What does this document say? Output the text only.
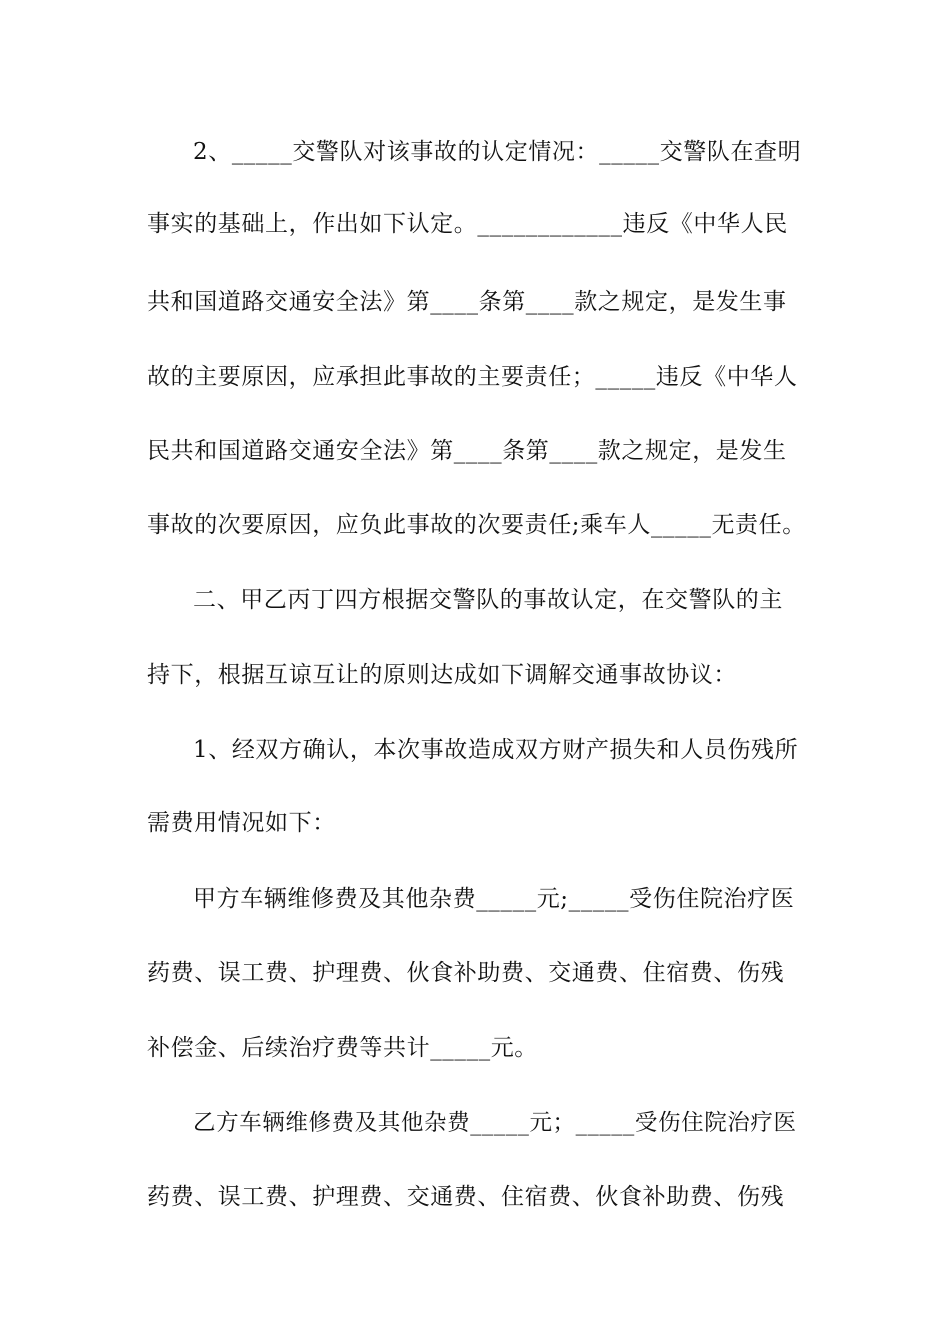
2、_____交警队对该事故的认定情况：_____交警队在查明
事实的基础上，作出如下认定。____________违反《中华人民
共和国道路交通安全法》第____条第____款之规定，是发生事
故的主要原因，应承担此事故的主要责任；_____违反《中华人
民共和国道路交通安全法》第____条第____款之规定，是发生
事故的次要原因，应负此事故的次要责任;乘车人_____无责任。
二、甲乙丙丁四方根据交警队的事故认定，在交警队的主
持下，根据互谅互让的原则达成如下调解交通事故协议：
1、经双方确认，本次事故造成双方财产损失和人员伤残所
需费用情况如下：
甲方车辆维修费及其他杂费_____元;_____受伤住院治疗医
药费、误工费、护理费、伙食补助费、交通费、住宿费、伤残
补偿金、后续治疗费等共计_____元。
乙方车辆维修费及其他杂费_____元；_____受伤住院治疗医
药费、误工费、护理费、交通费、住宿费、伙食补助费、伤残
